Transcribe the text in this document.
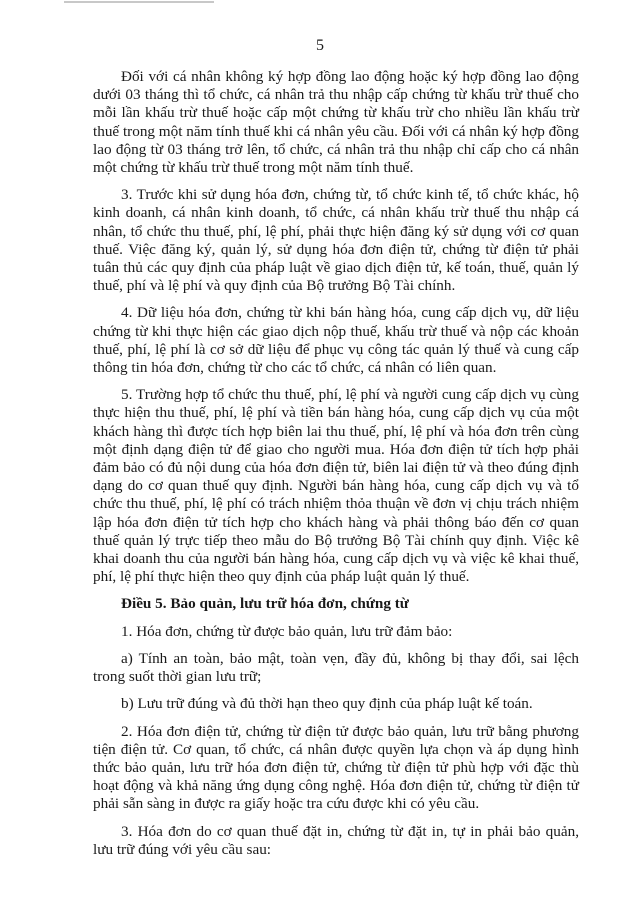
5

Đối với cá nhân không ký hợp đồng lao động hoặc ký hợp đồng lao động dưới 03 tháng thì tổ chức, cá nhân trả thu nhập cấp chứng từ khấu trừ thuế cho mỗi lần khấu trừ thuế hoặc cấp một chứng từ khấu trừ cho nhiều lần khấu trừ thuế trong một năm tính thuế khi cá nhân yêu cầu. Đối với cá nhân ký hợp đồng lao động từ 03 tháng trở lên, tổ chức, cá nhân trả thu nhập chỉ cấp cho cá nhân một chứng từ khấu trừ thuế trong một năm tính thuế.

3. Trước khi sử dụng hóa đơn, chứng từ, tổ chức kinh tế, tổ chức khác, hộ kinh doanh, cá nhân kinh doanh, tổ chức, cá nhân khấu trừ thuế thu nhập cá nhân, tổ chức thu thuế, phí, lệ phí, phải thực hiện đăng ký sử dụng với cơ quan thuế. Việc đăng ký, quản lý, sử dụng hóa đơn điện tử, chứng từ điện tử phải tuân thủ các quy định của pháp luật về giao dịch điện tử, kế toán, thuế, quản lý thuế, phí và lệ phí và quy định của Bộ trưởng Bộ Tài chính.

4. Dữ liệu hóa đơn, chứng từ khi bán hàng hóa, cung cấp dịch vụ, dữ liệu chứng từ khi thực hiện các giao dịch nộp thuế, khấu trừ thuế và nộp các khoản thuế, phí, lệ phí là cơ sở dữ liệu để phục vụ công tác quản lý thuế và cung cấp thông tin hóa đơn, chứng từ cho các tổ chức, cá nhân có liên quan.

5. Trường hợp tổ chức thu thuế, phí, lệ phí và người cung cấp dịch vụ cùng thực hiện thu thuế, phí, lệ phí và tiền bán hàng hóa, cung cấp dịch vụ của một khách hàng thì được tích hợp biên lai thu thuế, phí, lệ phí và hóa đơn trên cùng một định dạng điện tử để giao cho người mua. Hóa đơn điện tử tích hợp phải đảm bảo có đủ nội dung của hóa đơn điện tử, biên lai điện tử và theo đúng định dạng do cơ quan thuế quy định. Người bán hàng hóa, cung cấp dịch vụ và tổ chức thu thuế, phí, lệ phí có trách nhiệm thỏa thuận về đơn vị chịu trách nhiệm lập hóa đơn điện tử tích hợp cho khách hàng và phải thông báo đến cơ quan thuế quản lý trực tiếp theo mẫu do Bộ trưởng Bộ Tài chính quy định. Việc kê khai doanh thu của người bán hàng hóa, cung cấp dịch vụ và việc kê khai thuế, phí, lệ phí thực hiện theo quy định của pháp luật quản lý thuế.

Điều 5. Bảo quản, lưu trữ hóa đơn, chứng từ

1. Hóa đơn, chứng từ được bảo quản, lưu trữ đảm bảo:

a) Tính an toàn, bảo mật, toàn vẹn, đầy đủ, không bị thay đổi, sai lệch trong suốt thời gian lưu trữ;

b) Lưu trữ đúng và đủ thời hạn theo quy định của pháp luật kế toán.

2. Hóa đơn điện tử, chứng từ điện tử được bảo quản, lưu trữ bằng phương tiện điện tử. Cơ quan, tổ chức, cá nhân được quyền lựa chọn và áp dụng hình thức bảo quản, lưu trữ hóa đơn điện tử, chứng từ điện tử phù hợp với đặc thù hoạt động và khả năng ứng dụng công nghệ. Hóa đơn điện tử, chứng từ điện tử phải sẵn sàng in được ra giấy hoặc tra cứu được khi có yêu cầu.

3. Hóa đơn do cơ quan thuế đặt in, chứng từ đặt in, tự in phải bảo quản, lưu trữ đúng với yêu cầu sau:
